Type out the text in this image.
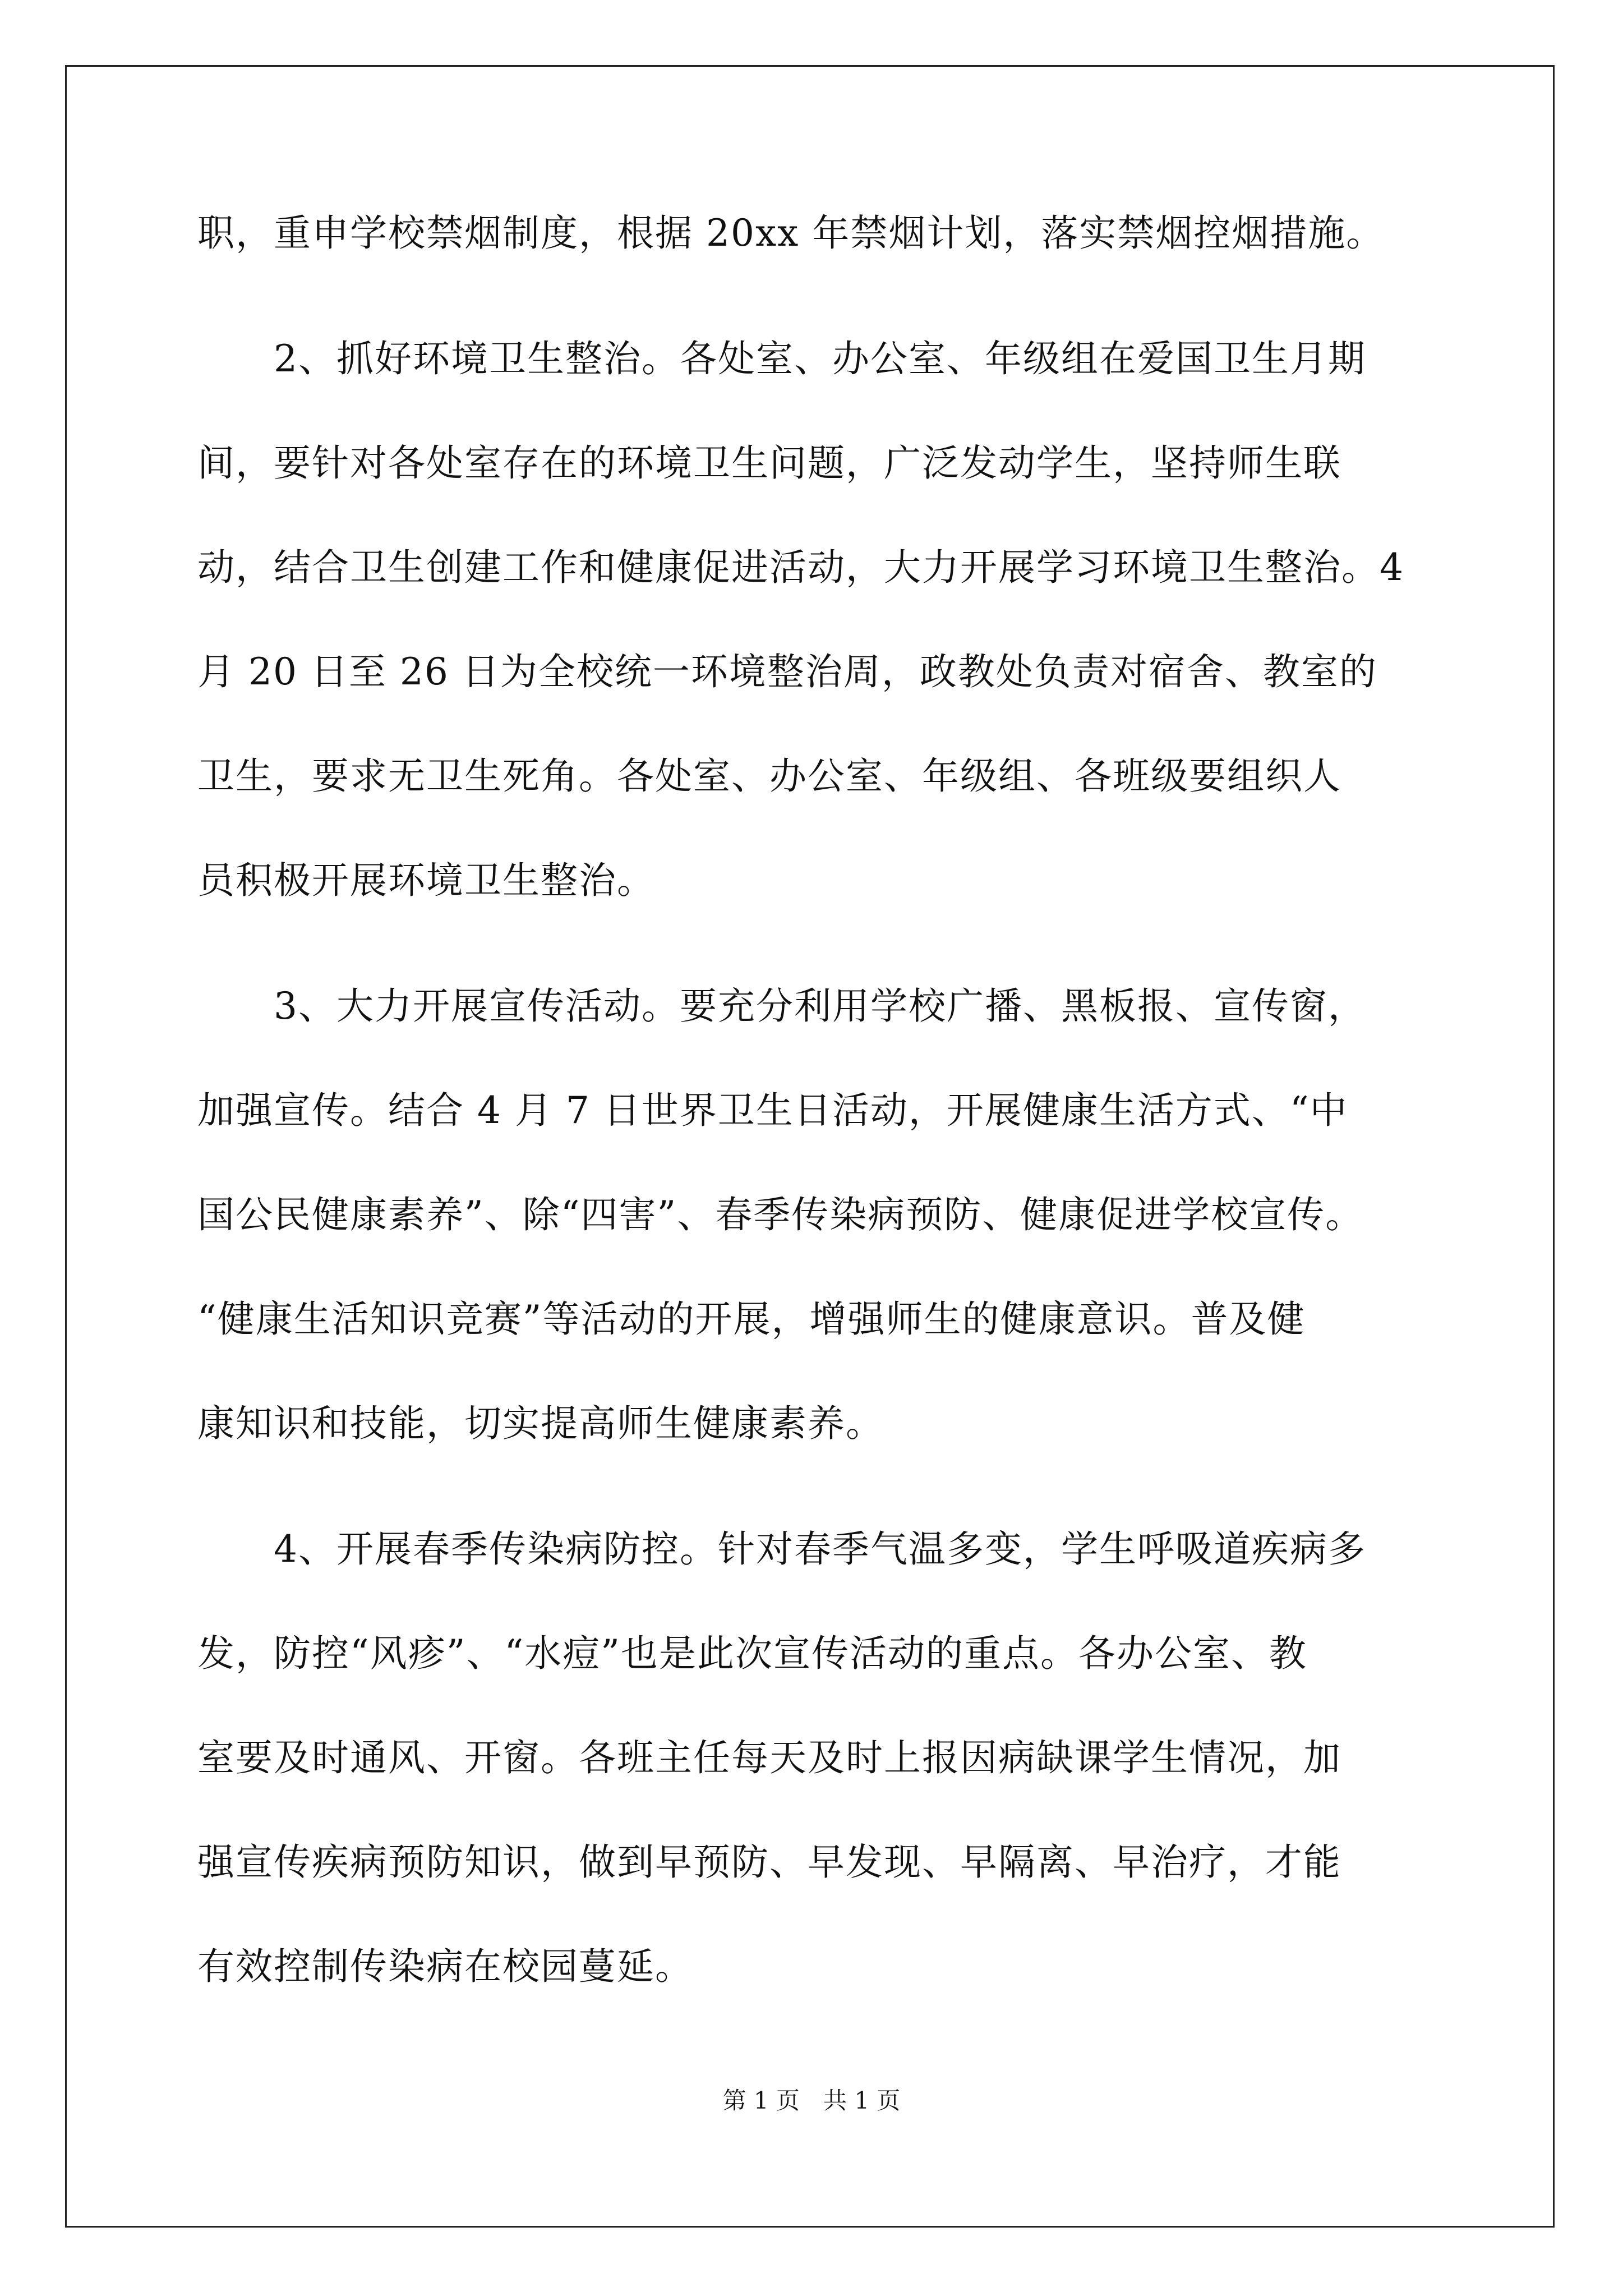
职，重申学校禁烟制度，根据 20xx 年禁烟计划，落实禁烟控烟措施。
　　2、抓好环境卫生整治。各处室、办公室、年级组在爱国卫生月期
间，要针对各处室存在的环境卫生问题，广泛发动学生，坚持师生联
动，结合卫生创建工作和健康促进活动，大力开展学习环境卫生整治。4
月 20 日至 26 日为全校统一环境整治周，政教处负责对宿舍、教室的
卫生，要求无卫生死角。各处室、办公室、年级组、各班级要组织人
员积极开展环境卫生整治。
　　3、大力开展宣传活动。要充分利用学校广播、黑板报、宣传窗，
加强宣传。结合 4 月 7 日世界卫生日活动，开展健康生活方式、“中
国公民健康素养”、除“四害”、春季传染病预防、健康促进学校宣传。
“健康生活知识竞赛”等活动的开展，增强师生的健康意识。普及健
康知识和技能，切实提高师生健康素养。
　　4、开展春季传染病防控。针对春季气温多变，学生呼吸道疾病多
发，防控“风疹”、“水痘”也是此次宣传活动的重点。各办公室、教
室要及时通风、开窗。各班主任每天及时上报因病缺课学生情况，加
强宣传疾病预防知识，做到早预防、早发现、早隔离、早治疗，才能
有效控制传染病在校园蔓延。
第 1 页　共 1 页
